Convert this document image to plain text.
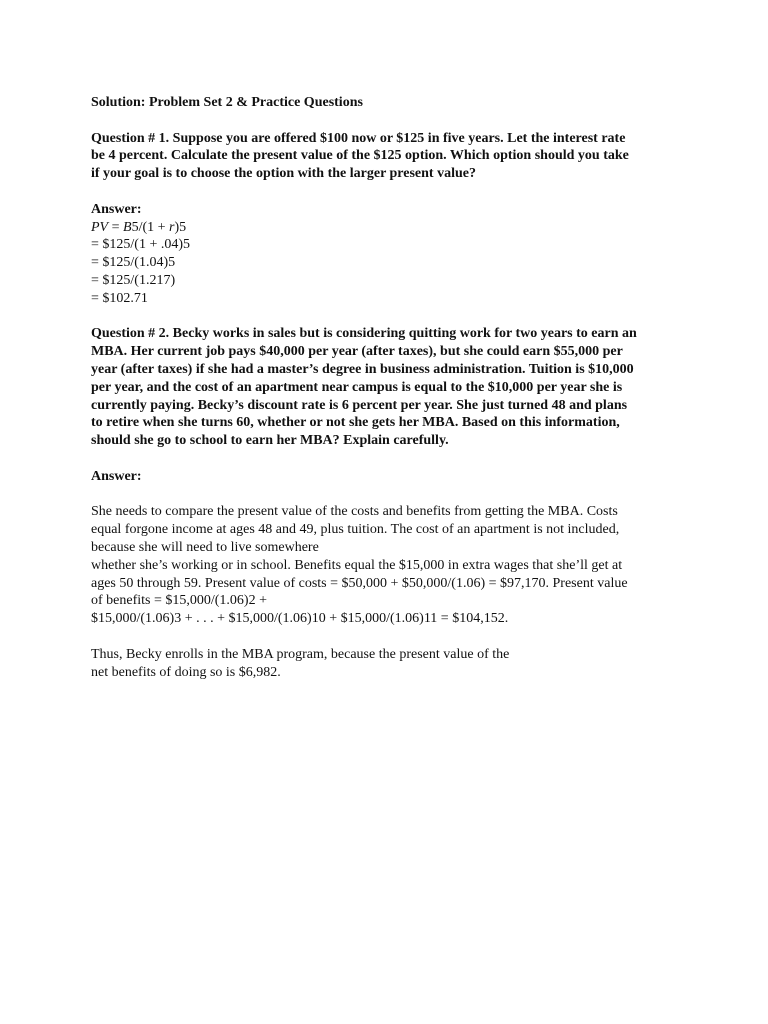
Solution: Problem Set 2 & Practice Questions
Question # 1. Suppose you are offered $100 now or $125 in five years. Let the interest rate
be 4 percent. Calculate the present value of the $125 option. Which option should you take
if your goal is to choose the option with the larger present value?
Answer:
PV = B5/(1 + r)5
= $125/(1 + .04)5
= $125/(1.04)5
= $125/(1.217)
= $102.71
Question # 2. Becky works in sales but is considering quitting work for two years to earn an
MBA. Her current job pays $40,000 per year (after taxes), but she could earn $55,000 per
year (after taxes) if she had a master’s degree in business administration. Tuition is $10,000
per year, and the cost of an apartment near campus is equal to the $10,000 per year she is
currently paying. Becky’s discount rate is 6 percent per year. She just turned 48 and plans
to retire when she turns 60, whether or not she gets her MBA. Based on this information,
should she go to school to earn her MBA? Explain carefully.
Answer:
She needs to compare the present value of the costs and benefits from getting the MBA. Costs
equal forgone income at ages 48 and 49, plus tuition. The cost of an apartment is not included,
because she will need to live somewhere
whether she’s working or in school. Benefits equal the $15,000 in extra wages that she’ll get at
ages 50 through 59. Present value of costs = $50,000 + $50,000/(1.06) = $97,170. Present value
of benefits = $15,000/(1.06)2 +
$15,000/(1.06)3 + . . . + $15,000/(1.06)10 + $15,000/(1.06)11 = $104,152.
Thus, Becky enrolls in the MBA program, because the present value of the
net benefits of doing so is $6,982.
